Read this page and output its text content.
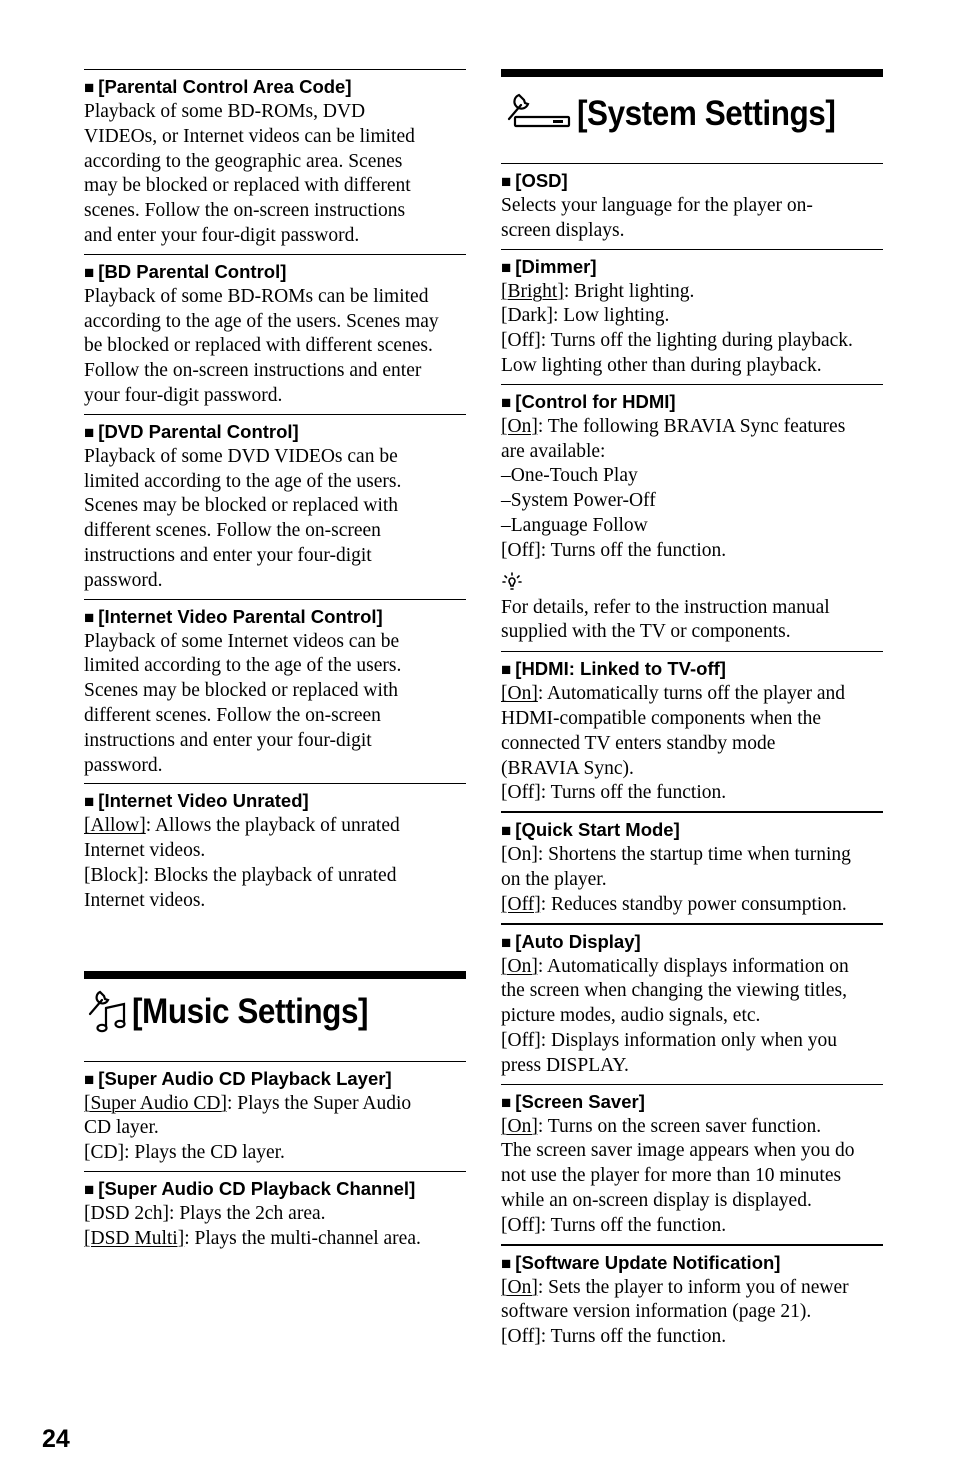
■ [Parental Control Area Code]
Playback of some BD-ROMs, DVD
VIDEOs, or Internet videos can be limited
according to the geographic area. Scenes
may be blocked or replaced with different
scenes. Follow the on-screen instructions
and enter your four-digit password.
■ [BD Parental Control]
Playback of some BD-ROMs can be limited
according to the age of the users. Scenes may
be blocked or replaced with different scenes.
Follow the on-screen instructions and enter
your four-digit password.
■ [DVD Parental Control]
Playback of some DVD VIDEOs can be
limited according to the age of the users.
Scenes may be blocked or replaced with
different scenes. Follow the on-screen
instructions and enter your four-digit
password.
■ [Internet Video Parental Control]
Playback of some Internet videos can be
limited according to the age of the users.
Scenes may be blocked or replaced with
different scenes. Follow the on-screen
instructions and enter your four-digit
password.
■ [Internet Video Unrated]
[Allow]: Allows the playback of unrated
Internet videos.
[Block]: Blocks the playback of unrated
Internet videos.
[Music Settings]
■ [Super Audio CD Playback Layer]
[Super Audio CD]: Plays the Super Audio
CD layer.
[CD]: Plays the CD layer.
■ [Super Audio CD Playback Channel]
[DSD 2ch]: Plays the 2ch area.
[DSD Multi]: Plays the multi-channel area.
[System Settings]
■ [OSD]
Selects your language for the player on-
screen displays.
■ [Dimmer]
[Bright]: Bright lighting.
[Dark]: Low lighting.
[Off]: Turns off the lighting during playback.
Low lighting other than during playback.
■ [Control for HDMI]
[On]: The following BRAVIA Sync features
are available:
–One-Touch Play
–System Power-Off
–Language Follow
[Off]: Turns off the function.
For details, refer to the instruction manual
supplied with the TV or components.
■ [HDMI: Linked to TV-off]
[On]: Automatically turns off the player and
HDMI-compatible components when the
connected TV enters standby mode
(BRAVIA Sync).
[Off]: Turns off the function.
■ [Quick Start Mode]
[On]: Shortens the startup time when turning
on the player.
[Off]: Reduces standby power consumption.
■ [Auto Display]
[On]: Automatically displays information on
the screen when changing the viewing titles,
picture modes, audio signals, etc.
[Off]: Displays information only when you
press DISPLAY.
■ [Screen Saver]
[On]: Turns on the screen saver function.
The screen saver image appears when you do
not use the player for more than 10 minutes
while an on-screen display is displayed.
[Off]: Turns off the function.
■ [Software Update Notification]
[On]: Sets the player to inform you of newer
software version information (page 21).
[Off]: Turns off the function.
24
